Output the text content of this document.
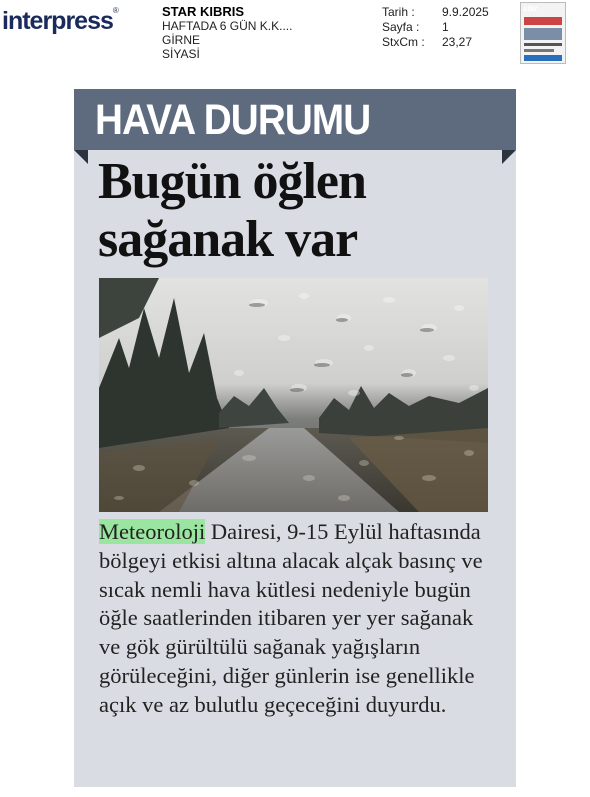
interpress®	STAR KIBRIS
HAFTADA 6 GÜN K.K....
GİRNE
SİYASİ
Tarih :	9.9.2025
Sayfa :	1
StxCm :	23,27
star
HAVA DURUMU
Bugün öğlen
sağanak var
Meteoroloji Dairesi, 9-15 Eylül haftasında bölgeyi etkisi altına alacak alçak basınç ve sıcak nemli hava kütlesi nedeniyle bugün öğle saatlerinden itibaren yer yer sağanak ve gök gürültülü sağanak yağışların görüleceğini, diğer günlerin ise genellikle açık ve az bulutlu geçeceğini duyurdu.
